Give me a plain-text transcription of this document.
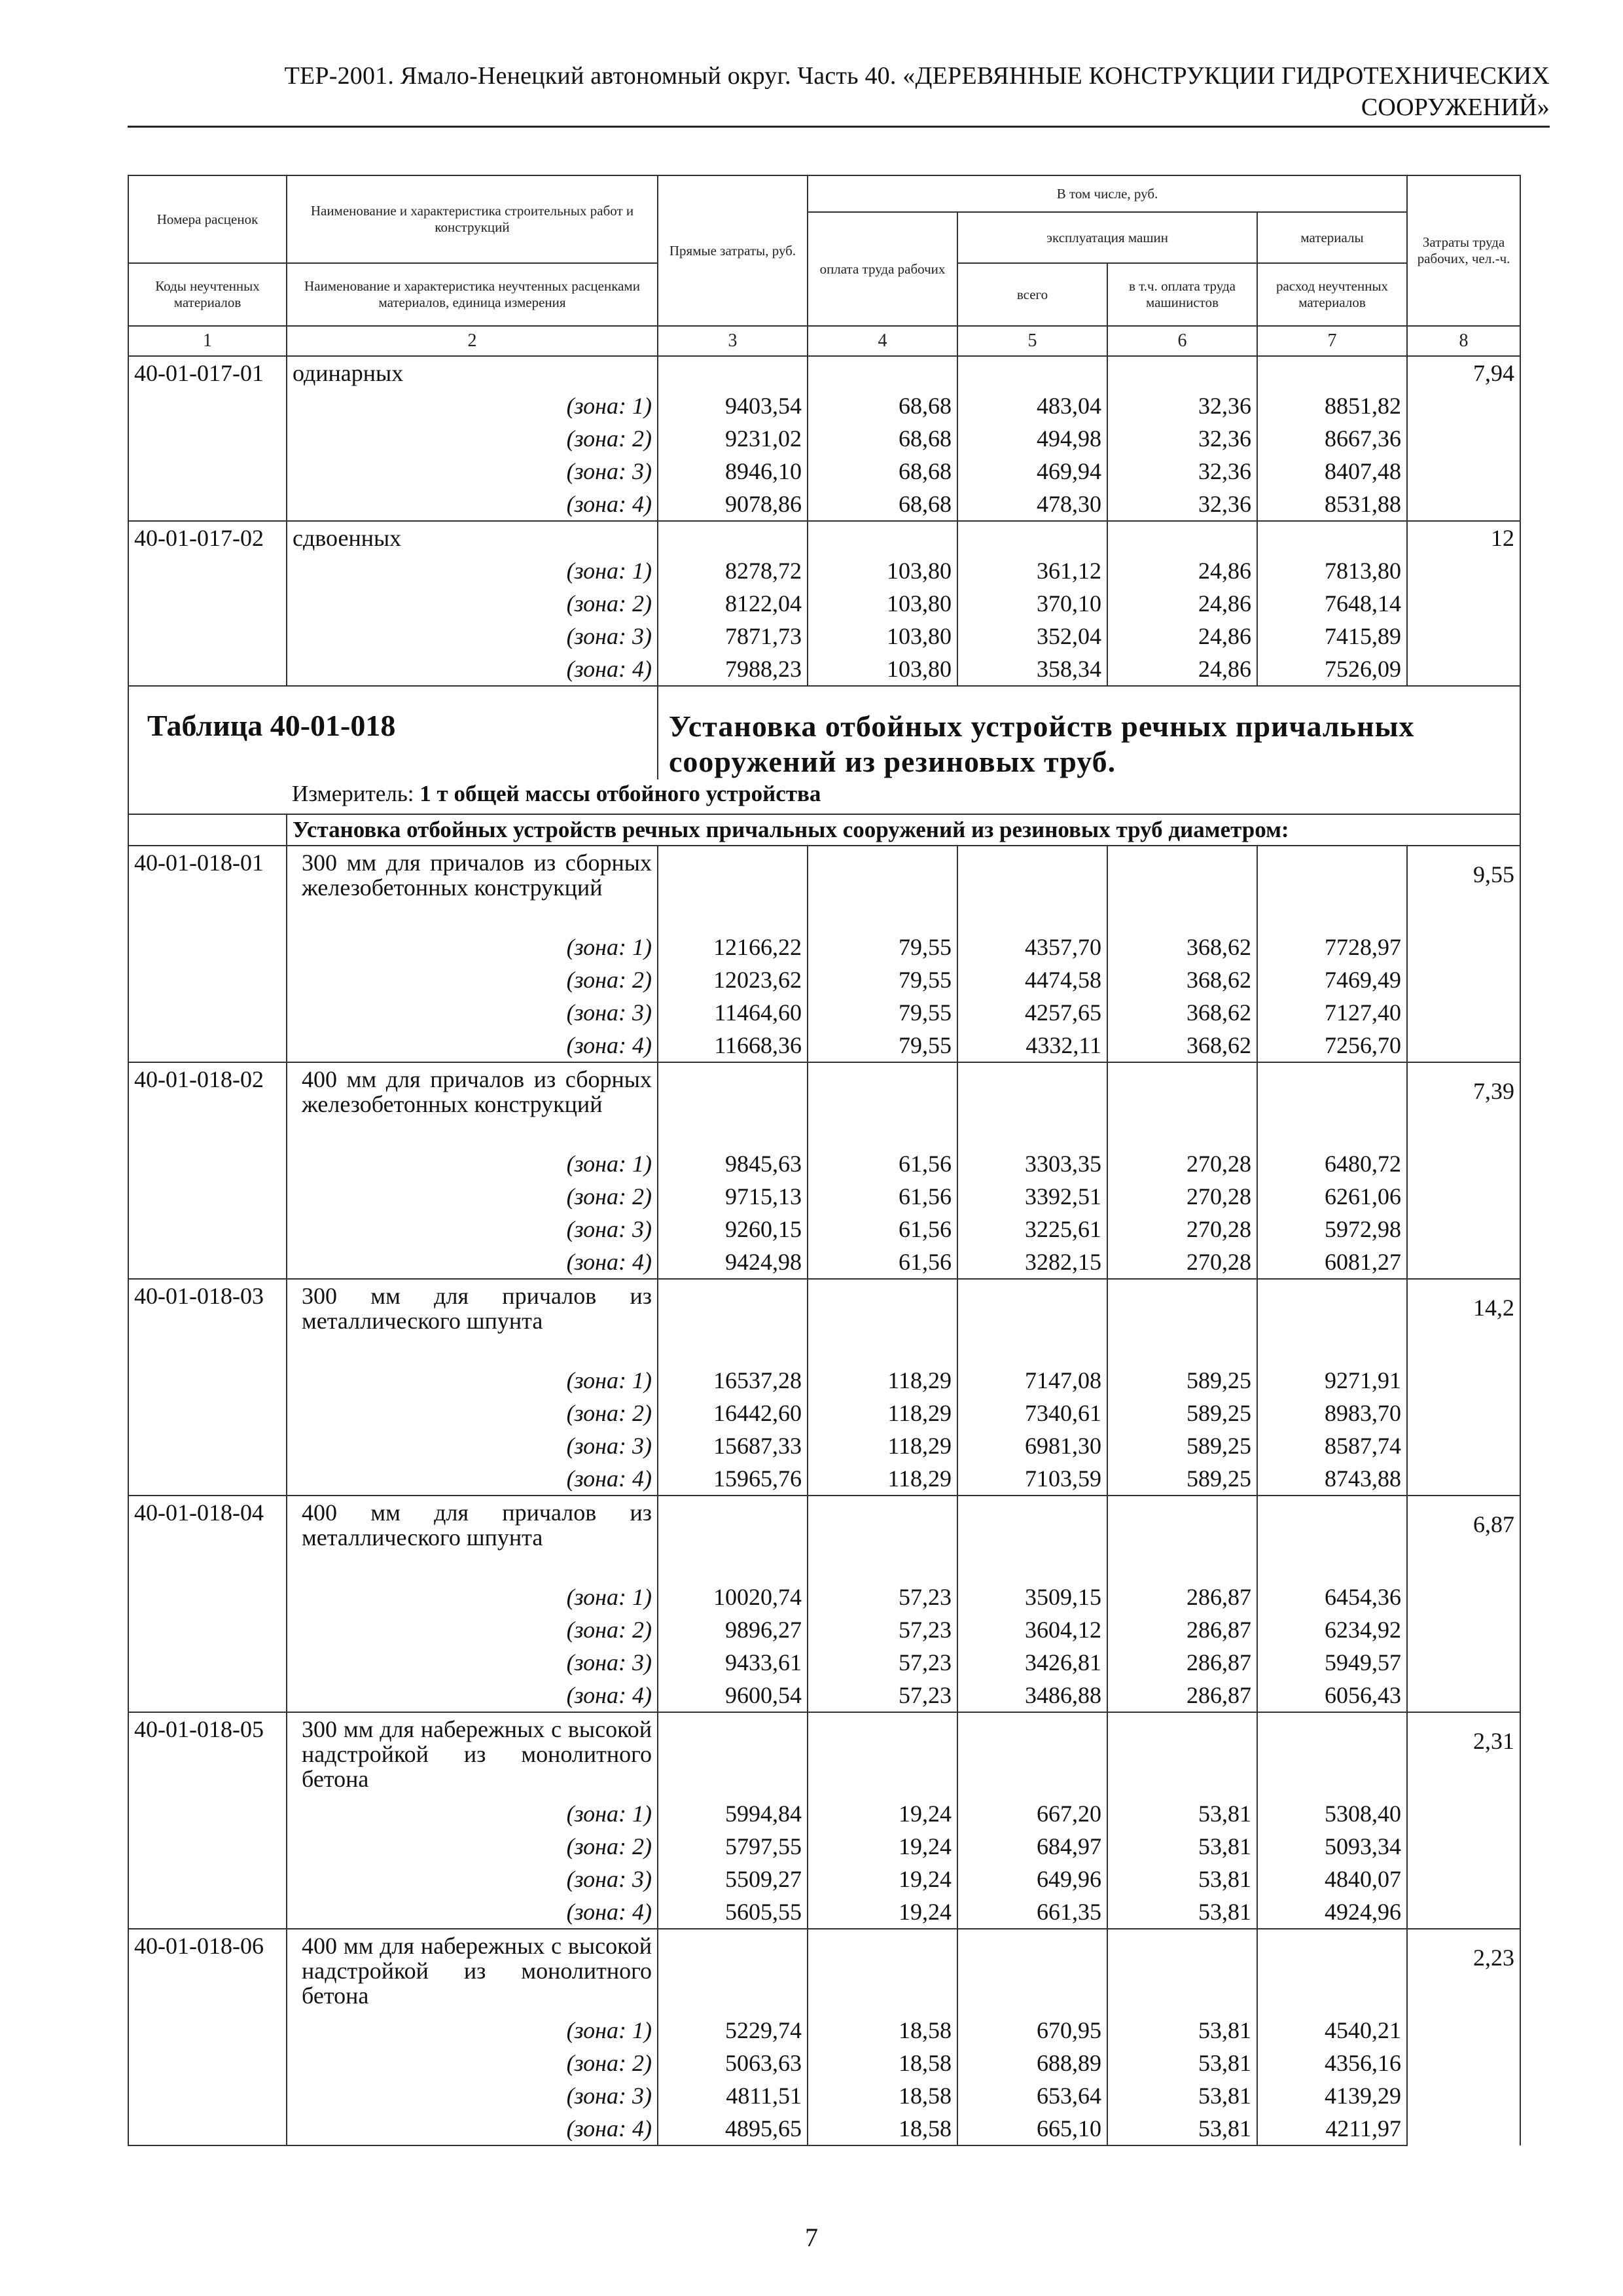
ТЕР-2001. Ямало-Ненецкий автономный округ. Часть 40. «ДЕРЕВЯННЫЕ КОНСТРУКЦИИ ГИДРОТЕХНИЧЕСКИХ
СООРУЖЕНИЙ»
Номера расценок	Наименование и характеристика строительных работ и конструкций	Прямые затраты, руб.	В том числе, руб.				Затраты труда рабочих, чел.-ч.
			оплата труда рабочих	эксплуатация машин		материалы	
Коды неучтенных материалов	Наименование и характеристика неучтенных расценками материалов, единица измерения			всего	в т.ч. оплата труда машинистов	расход неучтенных материалов	
1	2	3	4	5	6	7	8
40-01-017-01	одинарных						7,94
	(зона: 1)	9403,54	68,68	483,04	32,36	8851,82	
	(зона: 2)	9231,02	68,68	494,98	32,36	8667,36	
	(зона: 3)	8946,10	68,68	469,94	32,36	8407,48	
	(зона: 4)	9078,86	68,68	478,30	32,36	8531,88	
40-01-017-02	сдвоенных						12
	(зона: 1)	8278,72	103,80	361,12	24,86	7813,80	
	(зона: 2)	8122,04	103,80	370,10	24,86	7648,14	
	(зона: 3)	7871,73	103,80	352,04	24,86	7415,89	
	(зона: 4)	7988,23	103,80	358,34	24,86	7526,09	
Таблица 40-01-018		Установка отбойных устройств речных причальных
сооружений из резиновых труб.					

	Измеритель: 1 т общей массы отбойного устройства						
	Установка отбойных устройств речных причальных сооружений из резиновых труб диаметром:						
40-01-018-01	300 мм для причалов из сборных железобетонных конструкций						9,55
	(зона: 1)	12166,22	79,55	4357,70	368,62	7728,97	
	(зона: 2)	12023,62	79,55	4474,58	368,62	7469,49	
	(зона: 3)	11464,60	79,55	4257,65	368,62	7127,40	
	(зона: 4)	11668,36	79,55	4332,11	368,62	7256,70	
40-01-018-02	400 мм для причалов из сборных железобетонных конструкций						7,39
	(зона: 1)	9845,63	61,56	3303,35	270,28	6480,72	
	(зона: 2)	9715,13	61,56	3392,51	270,28	6261,06	
	(зона: 3)	9260,15	61,56	3225,61	270,28	5972,98	
	(зона: 4)	9424,98	61,56	3282,15	270,28	6081,27	
40-01-018-03	300 мм для причалов из металлического шпунта						14,2
	(зона: 1)	16537,28	118,29	7147,08	589,25	9271,91	
	(зона: 2)	16442,60	118,29	7340,61	589,25	8983,70	
	(зона: 3)	15687,33	118,29	6981,30	589,25	8587,74	
	(зона: 4)	15965,76	118,29	7103,59	589,25	8743,88	
40-01-018-04	400 мм для причалов из металлического шпунта						6,87
	(зона: 1)	10020,74	57,23	3509,15	286,87	6454,36	
	(зона: 2)	9896,27	57,23	3604,12	286,87	6234,92	
	(зона: 3)	9433,61	57,23	3426,81	286,87	5949,57	
	(зона: 4)	9600,54	57,23	3486,88	286,87	6056,43	
40-01-018-05	300 мм для набережных с высокой надстройкой из монолитного бетона						2,31
	(зона: 1)	5994,84	19,24	667,20	53,81	5308,40	
	(зона: 2)	5797,55	19,24	684,97	53,81	5093,34	
	(зона: 3)	5509,27	19,24	649,96	53,81	4840,07	
	(зона: 4)	5605,55	19,24	661,35	53,81	4924,96	
40-01-018-06	400 мм для набережных с высокой надстройкой из монолитного бетона						2,23
	(зона: 1)	5229,74	18,58	670,95	53,81	4540,21	
	(зона: 2)	5063,63	18,58	688,89	53,81	4356,16	
	(зона: 3)	4811,51	18,58	653,64	53,81	4139,29	
	(зона: 4)	4895,65	18,58	665,10	53,81	4211,97	
7
